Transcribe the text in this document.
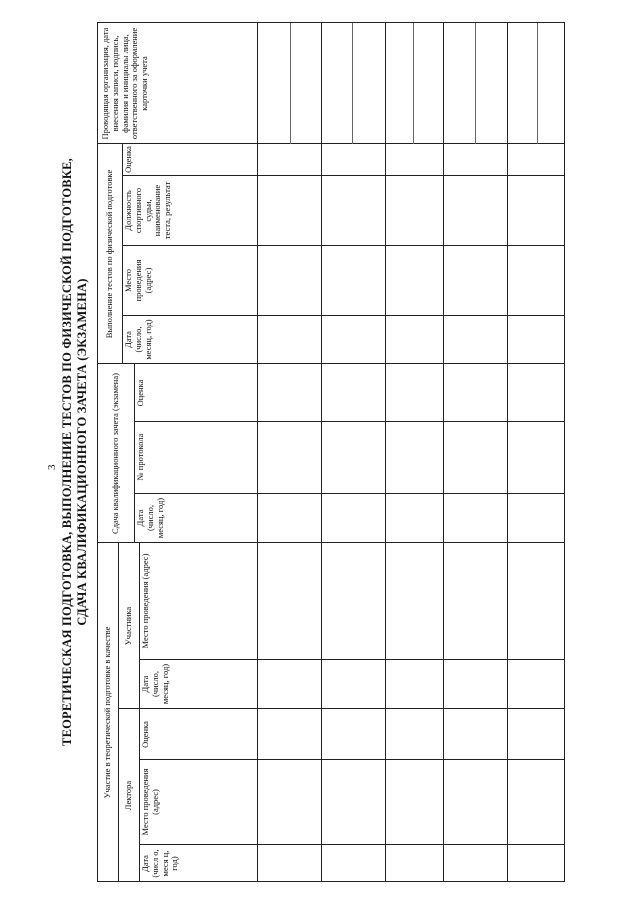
3 ТЕОРЕТИЧЕСКАЯ ПОДГОТОВКА, ВЫПОЛНЕНИЕ ТЕСТОВ ПО ФИЗИЧЕСКОЙ ПОДГОТОВКЕ, СДАЧА КВАЛИФИКАЦИОННОГО ЗАЧЕТА (ЭКЗАМЕНА)
Участие в теоретической подготовке в качестве	Лектора
Участника
Сдача квалификационного зачета (экзамена)
Выполнение тестов по физической подготовке
Дата (числ о, меся ц, год)
Место проведения (адрес)
Оценка
Дата (число, месяц, год)
Место проведения (адрес)
Дата (число, месяц, год)
№ протокола
Оценка
Дата (число, месяц, год)
Место проведения (адрес)
Должность спортивного судьи, наименование теста, результат
Оценка
Проводящая организация, дата внесения записи, подпись, фамилия и инициалы лица, ответственного за оформление карточки учета
